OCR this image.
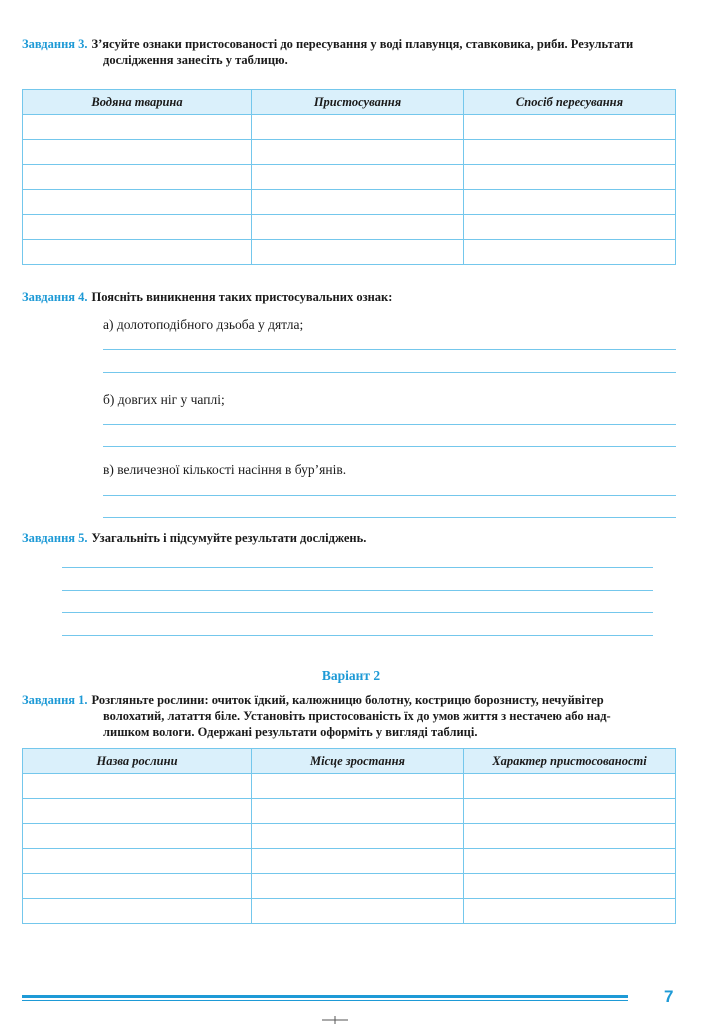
Завдання 3. З’ясуйте ознаки пристосованості до пересування у воді плавунця, ставковика, риби. Результати
дослідження занесіть у таблицю.
Водяна тварина	Пристосування	Спосіб пересування

Завдання 4. Поясніть виникнення таких пристосувальних ознак:
а) долотоподібного дзьоба у дятла;
б) довгих ніг у чаплі;
в) величезної кількості насіння в бур’янів.
Завдання 5. Узагальніть і підсумуйте результати досліджень.
Варіант 2
Завдання 1. Розгляньте рослини: очиток їдкий, калюжницю болотну, кострицю борознисту, нечуйвітер
волохатий, латаття біле. Установіть пристосованість їх до умов життя з нестачею або над-
лишком вологи. Одержані результати оформіть у вигляді таблиці.
Назва рослини	Місце зростання	Характер пристосованості

7
